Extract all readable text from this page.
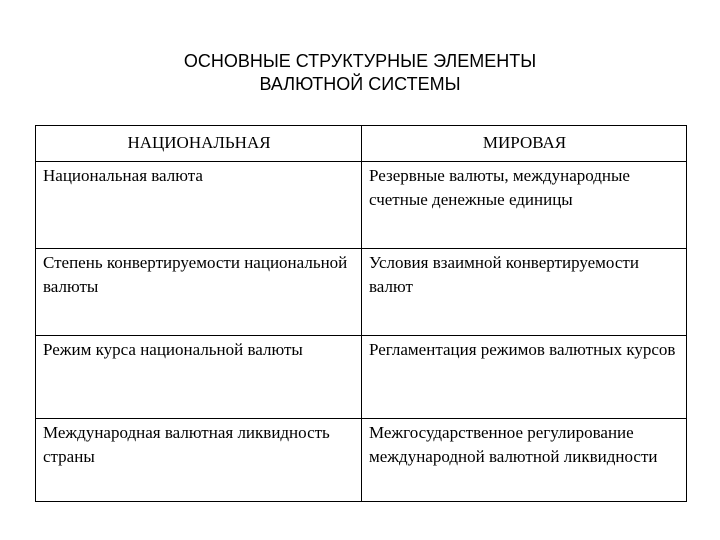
ОСНОВНЫЕ СТРУКТУРНЫЕ ЭЛЕМЕНТЫ
ВАЛЮТНОЙ СИСТЕМЫ
НАЦИОНАЛЬНАЯ	МИРОВАЯ
Национальная валюта	Резервные валюты, международные счетные денежные единицы
Степень конвертируемости национальной валюты	Условия взаимной конвертируемости валют
Режим курса национальной валюты	Регламентация режимов валютных курсов
Международная валютная ликвидность страны	Межгосударственное регулирование международной валютной ликвидности
